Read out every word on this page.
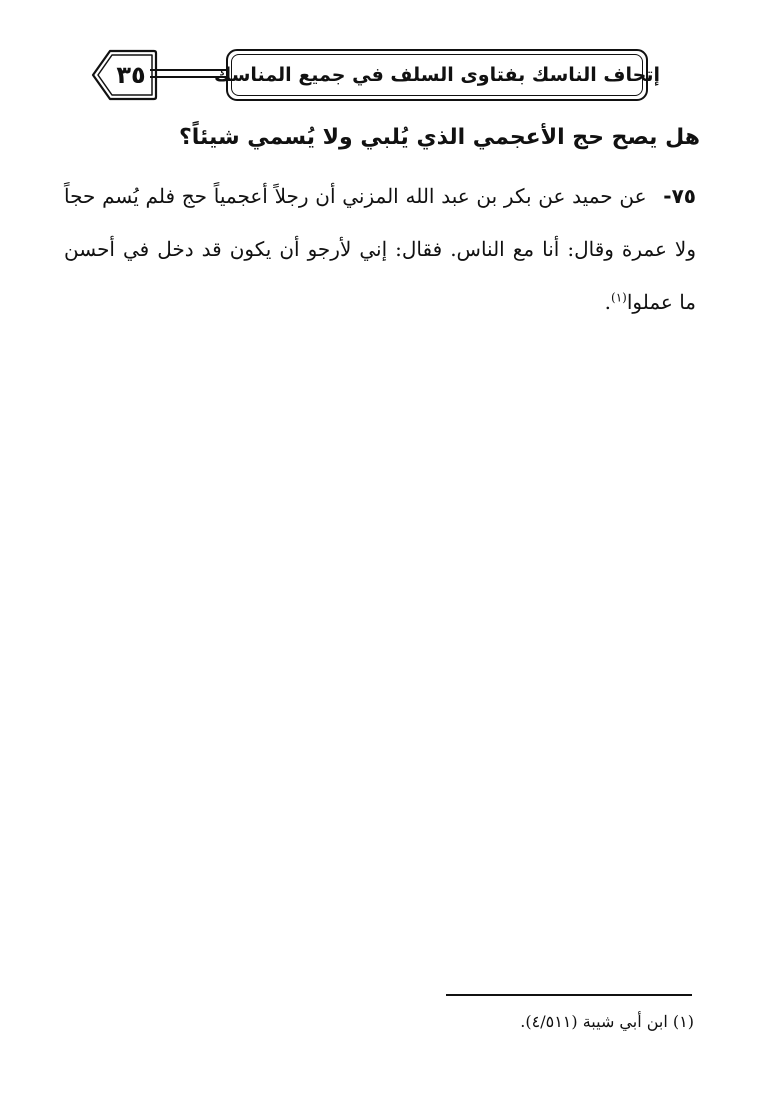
٣٥	إتحاف الناسك بفتاوى السلف في جميع المناسك
هل يصح حج الأعجمي الذي يُلبي ولا يُسمي شيئاً؟
٧٥- عن حميد عن بكر بن عبد الله المزني أن رجلاً أعجمياً حج فلم يُسم حجاً ولا عمرة وقال: أنا مع الناس. فقال: إني لأرجو أن يكون قد دخل في أحسن ما عملوا$^{(١)}$.
(١) ابن أبي شيبة (٤/٥١١).
